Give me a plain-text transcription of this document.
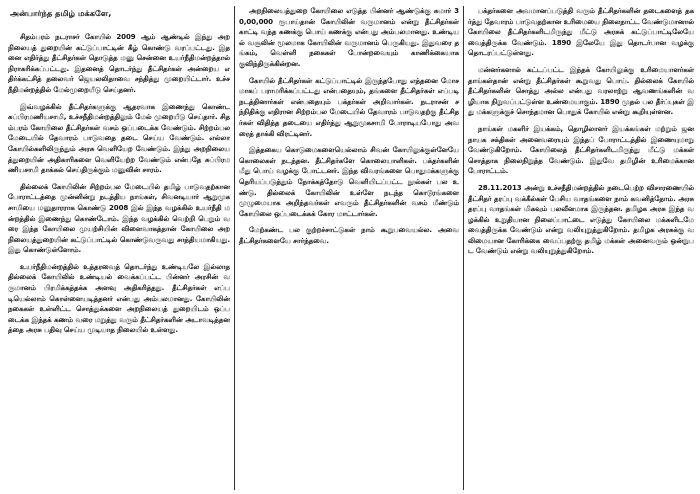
அன்பார்ந்த தமிழ் மக்களே,

சிதம்பரம் நடராசர் கோயில் 2009 ஆம் ஆண்டில் இந்து அறநிலையத் துறையின் கட்டுப்பாட்டின் கீழ் கொண்டு வரப்பட்டது. இதனை எதிர்த்து தீட்சிதர்கள் தொடுத்த மனு சென்னை உயர்நீதிமன்றத்தால் நிராகரிக்கப்பட்டது. இதனைத் தொடர்ந்து தீட்சிதர்கள் அன்றைய எதிர்க்கட்சித் தலைவர் ஜெயலலிதாவை சந்தித்து முறையிட்டார். உச்சநீதிமன்றத்தில் மேல்முறையீடு செய்தனர்.

இவ்வழக்கில் தீட்சிதர்களுக்கு ஆதரவாக இணைந்து கொண்ட சுப்பிரமணியசாமி, உச்சநீதிமன்றத்திலும் மேல் முறையீடு செய்தார். சிதம்பரம் கோயிலை தீட்சிதர்கள் வசம் ஒப்படைக்க வேண்டும். சிற்றம்பல மேடையில் தேவாரம் பாடுவதை தடை செய்ய வேண்டும். எல்லா கோயில்களிலிருந்தும் அரசு வெளியேற வேண்டும். இந்து அறநிலையத்துறையின் அதிகாரிகளை வெளியேற்ற வேண்டும் என்பதே சுப்பிரமணியசாமி தாக்கல் செய்திருக்கும் மனுவின் சாரம்.

தில்லைக் கோயிலின் சிற்றம்பல மேடையில் தமிழ் பாடுவதற்கான போராட்டத்தை முன்னின்று நடத்திய நாங்கள், சிவனடியார் ஆறுமுகசாமியை மனுதாரராக கொண்டு 2008 இல் இந்த வழக்கில் உயர்நீதி மன்றத்தில் இணைந்து கொண்டோம். இந்த வழக்கில் வெற்றி பெறும் வரை இந்த கோயிலை முயற்சியின் விளைவாகத்தான் கோயிலை அறநிலையத்துறையின் கட்டுப்பாட்டில் கொண்டுவருவது சாத்தியமாகியது. இது கொண்டுள்ளோம்.

உயர்நீதிமன்றத்தில் உத்தரவைத் தொடர்ந்து உண்டியலே இல்லாத தில்லைக் கோயிலில் உண்டியல் வைக்கப்பட்ட பின்னர் அரசின் வருமானம் பிரமிக்கத்தக்க அளவு அதிகரித்தது. தீட்சிதர்கள் எப்படியெல்லாம் கொள்ளையடித்தனர் என்பது அம்பலமானது. கோயிலின் நகைகள் உள்ளிட்ட சொத்துக்களை அறநிலையத் துறையிடம் ஒப்படைக்க இந்தக் கணம் வரை மறுத்து வரும் தீட்சிதர்களின் அடாவடித்தனத்தை அரசு பதிவு செய்ய முடியாத நிலையில் உள்ளது.

அறநிலையத்துறை கோயிலை எடுத்த பின்னர் ஆண்டுக்கு சுமார் 30,00,000 ரூபாய்தான் கோயிலின் வருமானம் என்று தீட்சிதர்கள் காட்டி வந்த கணக்கு பொய் கணக்கு என்பது அம்பலமானது. உண்டியல் வசூலின் மூலமாக கோயிலின் வருமானம் பெருகியது. இதுவரை தங்கம், வெள்ளி நகைகள் போன்றவையும் காணிக்கையாக குவிந்திருக்கின்றன.

கோயில் தீட்சிதர்கள் கட்டுப்பாட்டில் இருந்தபோது எத்தனை மோசமாகப் பராமரிக்கப்பட்டது என்பதையும், தங்களை தீட்சிதர்கள் எப்படி நடத்தினார்கள் என்பதையும் பக்தர்கள் அறிவார்கள். நடராசன் சந்நிதிக்கு எதிரான சிற்றம்பல மேடையில் தேவாரம் பாடுவதற்கு தீட்சிதர்கள் விதித்த தடையை எதிர்த்து ஆறுமுகசாமி போராடியபோது அவரைத் தாக்கி விரட்டினர்.

இத்தகைய கொடுமைகளையெல்லாம் சிவன் கோயிலுக்குள்ளேயே கொலைகள் நடந்தன. தீட்சிதர்களே கொலையாளிகள். பக்தர்களின் மீது பொய் வழக்கு போட்டனர். இந்த விவரங்களை பொதுமக்களுக்கு தெரியப்படுத்தும் நோக்கத்தோடு வெளியிடப்பட்ட நூல்கள் பல உண்டு. தில்லைக் கோயிலின் உள்ளே நடந்த கொடூரங்களை முழுமையாக அறிந்தவர்கள் எவரும் தீட்சிதர்களின் வசம் மீண்டும் கோயிலை ஒப்படைக்கக் கோர மாட்டார்கள்.

மேற்கண்ட பல குற்றச்சாட்டுகள் நாம் கூறுபவையல்ல. அவை தீட்சிதர்களையே சார்ந்தவை.

பக்தர்களை அவமானப்படுத்தி வரும் தீட்சிதர்களின் தடைகளைத் தகர்த்து தேவாரம் பாடுவதற்கான உரிமையை நிலைநாட்ட வேண்டுமானால் கோயிலை தீட்சிதர்களிடமிருந்து மீட்டு அரசுக் கட்டுப்பாட்டிலேயே வைத்திருக்க வேண்டும். 1890 இலேயே இது தொடர்பான வழக்கு தொடரப்பட்டுள்ளது.

மன்னர்களால் கட்டப்பட்ட இந்தக் கோயிலுக்கு உரிமையாளர்கள் தாங்கள்தான் என்று தீட்சிதர்கள் கூறுவது பொய். தில்லைக் கோயில் தீட்சிதர்களின் சொத்து அல்ல என்பது வரலாற்று ஆவணங்களின் வழியாக நிறுவப்பட்டுள்ள உண்மையாகும். 1890 முதல் பல தீர்ப்புகள் இது மக்களுக்குச் சொந்தமான பொதுக் கோயில் என்று கூறியுள்ளன.

நாங்கள் மகளிர் இயக்கம், தொழிலாளர் இயக்கங்கள் மற்றும் ஜனநாயக சக்திகள் அனைவரையும் இந்தப் போராட்டத்தில் இணையுமாறு வேண்டுகிறோம். கோயிலைத் தீட்சிதர்களிடமிருந்து மீட்டு மக்கள் சொத்தாக நிலைநிறுத்த வேண்டும். இதுவே தமிழின் உரிமைக்கான போராட்டம்.

28.11.2013 அன்று உச்சநீதிமன்றத்தில் நடைபெற்ற விசாரணையில் தீட்சிதர் தரப்பு வக்கீல்கள் பேசிய வாதங்களை நாம் கவனித்தோம். அரசு தரப்பு வாதங்கள் மிகவும் பலவீனமாக இருந்தன. தமிழக அரசு இந்த வழக்கில் உறுதியான நிலைப்பாட்டை எடுத்து கோயிலை மக்களிடமே வைத்திருக்க வேண்டும் என்று வலியுறுத்துகிறோம். தமிழக அரசுக்கு வலிமையான கோரிக்கை வைப்பதற்கு தமிழ் மக்கள் அனைவரும் ஒன்றுபட வேண்டும் என்று வலியுறுத்துகிறோம்.
